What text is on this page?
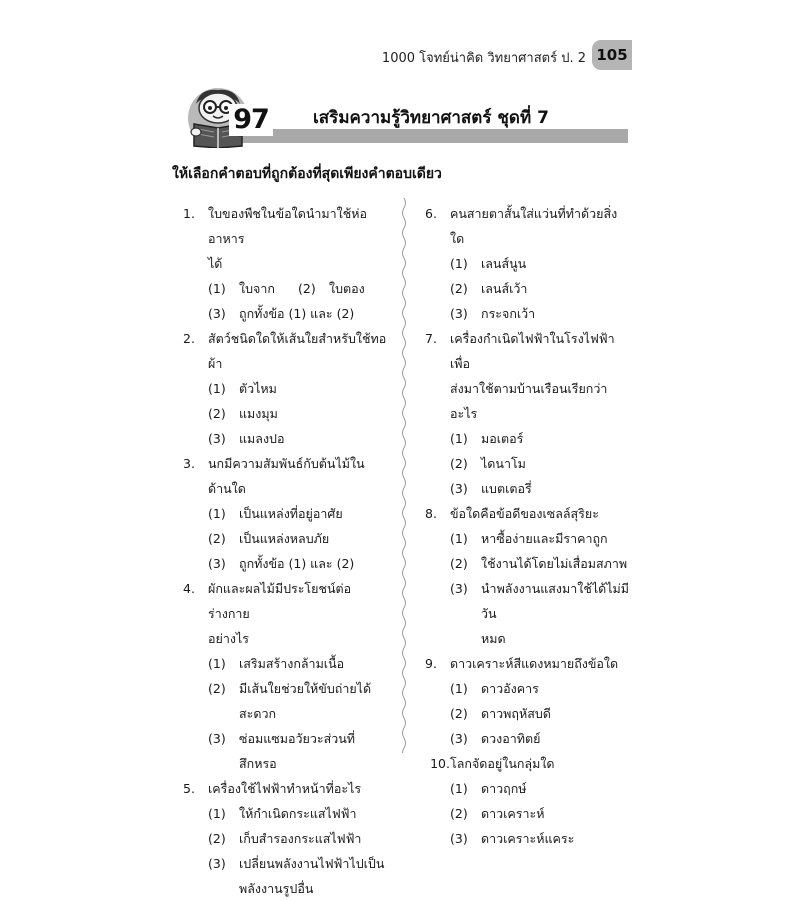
1000 โจทย์น่าคิด วิทยาศาสตร์ ป. 2 105
97	เสริมความรู้วิทยาศาสตร์ ชุดที่ 7
ให้เลือกคำตอบที่ถูกต้องที่สุดเพียงคำตอบเดียว
1.	ใบของพืชในข้อใดนำมาใช้ห่ออาหาร
ได้
(1)	ใบจาก	(2)	ใบตอง
(3)	ถูกทั้งข้อ (1) และ (2)
2.	สัตว์ชนิดใดให้เส้นใยสำหรับใช้ทอผ้า
(1)	ตัวไหม
(2)	แมงมุม
(3)	แมลงปอ
3.	นกมีความสัมพันธ์กับต้นไม้ในด้านใด
(1)	เป็นแหล่งที่อยู่อาศัย
(2)	เป็นแหล่งหลบภัย
(3)	ถูกทั้งข้อ (1) และ (2)
4.	ผักและผลไม้มีประโยชน์ต่อร่างกาย
อย่างไร
(1)	เสริมสร้างกล้ามเนื้อ
(2)	มีเส้นใยช่วยให้ขับถ่ายได้สะดวก
(3)	ซ่อมแซมอวัยวะส่วนที่สึกหรอ
5.	เครื่องใช้ไฟฟ้าทำหน้าที่อะไร
(1)	ให้กำเนิดกระแสไฟฟ้า
(2)	เก็บสำรองกระแสไฟฟ้า
(3)	เปลี่ยนพลังงานไฟฟ้าไปเป็น
พลังงานรูปอื่น
6.	คนสายตาสั้นใส่แว่นที่ทำด้วยสิ่งใด
(1)	เลนส์นูน
(2)	เลนส์เว้า
(3)	กระจกเว้า
7.	เครื่องกำเนิดไฟฟ้าในโรงไฟฟ้าเพื่อ
ส่งมาใช้ตามบ้านเรือนเรียกว่าอะไร
(1)	มอเตอร์
(2)	ไดนาโม
(3)	แบตเตอรี่
8.	ข้อใดคือข้อดีของเซลล์สุริยะ
(1)	หาซื้อง่ายและมีราคาถูก
(2)	ใช้งานได้โดยไม่เสื่อมสภาพ
(3)	นำพลังงานแสงมาใช้ได้ไม่มีวัน
หมด
9.	ดาวเคราะห์สีแดงหมายถึงข้อใด
(1)	ดาวอังคาร
(2)	ดาวพฤหัสบดี
(3)	ดวงอาทิตย์
10. โลกจัดอยู่ในกลุ่มใด
(1)	ดาวฤกษ์
(2)	ดาวเคราะห์
(3)	ดาวเคราะห์แคระ
